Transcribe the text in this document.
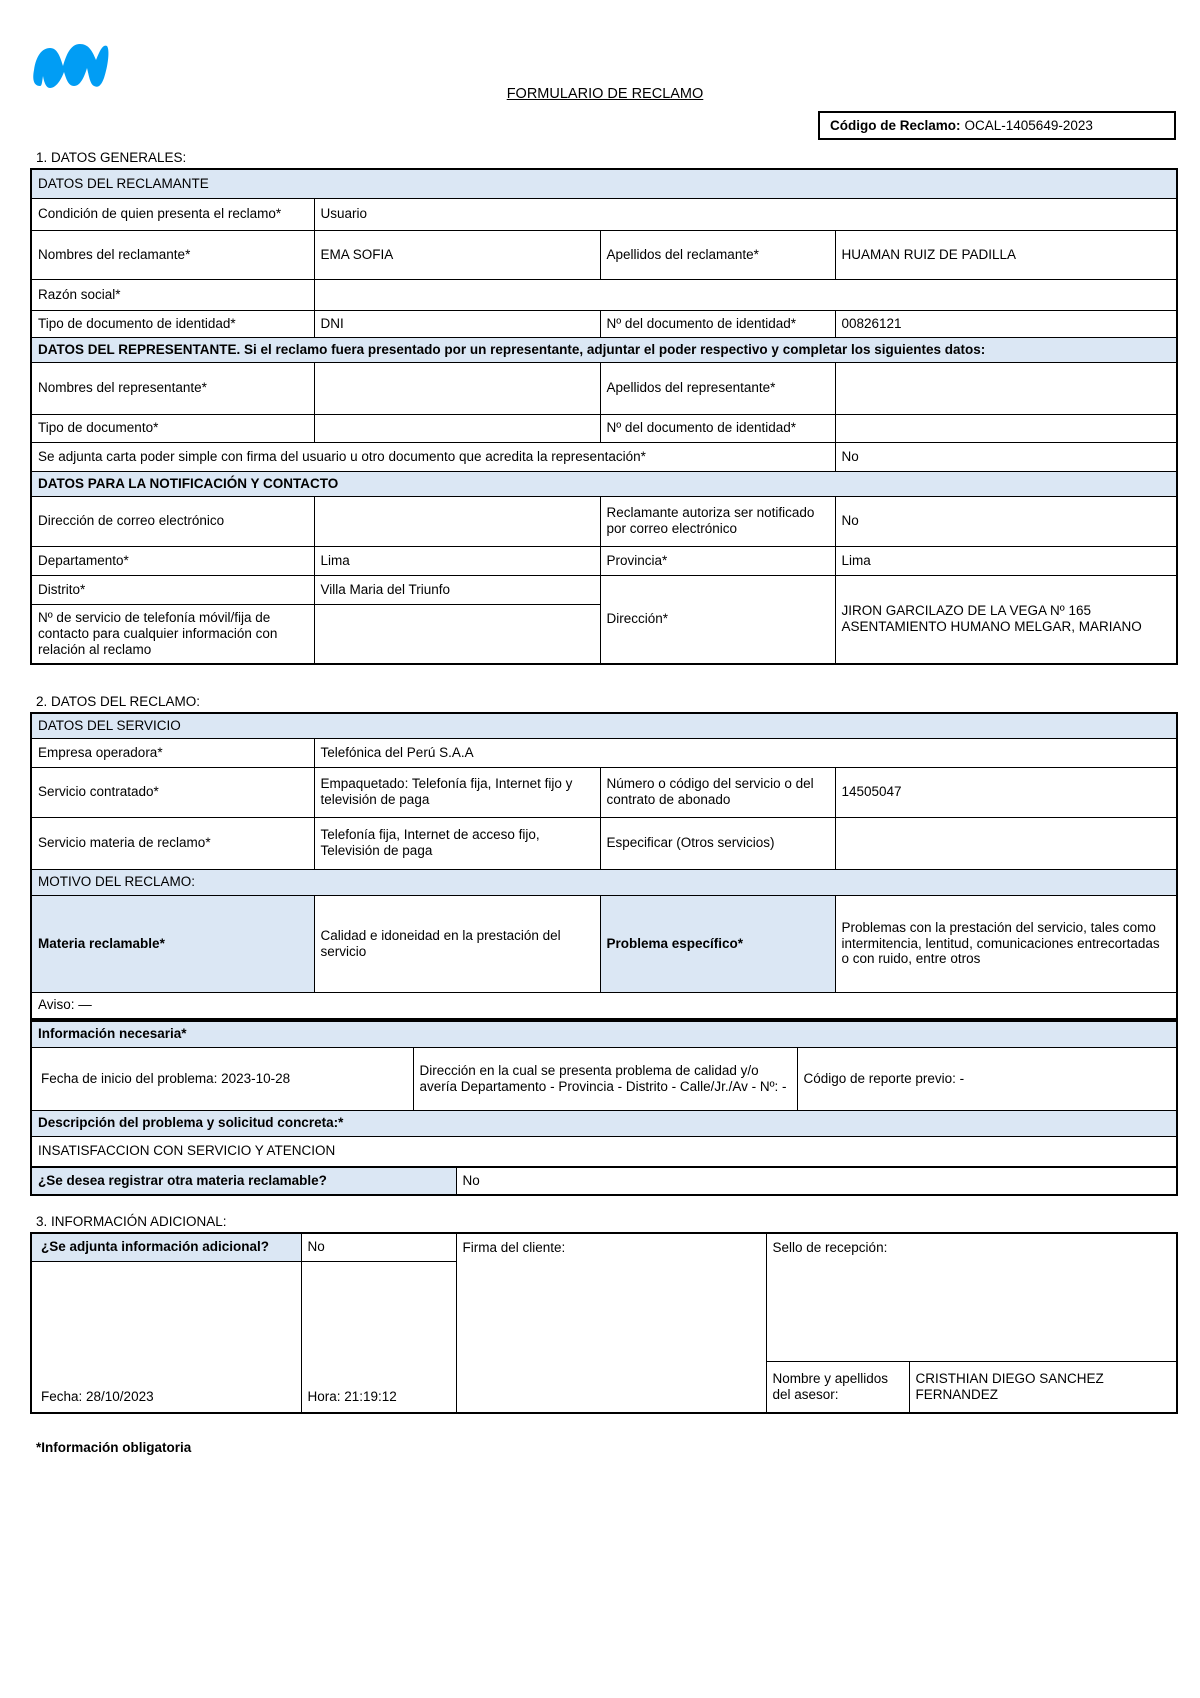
FORMULARIO DE RECLAMO
Código de Reclamo: OCAL-1405649-2023
1. DATOS GENERALES:
DATOS DEL RECLAMANTE			
Condición de quien presenta el reclamo*	Usuario		
Nombres del reclamante*	EMA SOFIA	Apellidos del reclamante*	HUAMAN RUIZ DE PADILLA
Razón social*			
Tipo de documento de identidad*	DNI	Nº del documento de identidad*	00826121
DATOS DEL REPRESENTANTE. Si el reclamo fuera presentado por un representante, adjuntar el poder respectivo y completar los siguientes datos:			
Nombres del representante*		Apellidos del representante*	
Tipo de documento*		Nº del documento de identidad*	
Se adjunta carta poder simple con firma del usuario u otro documento que acredita la representación*			No
DATOS PARA LA NOTIFICACIÓN Y CONTACTO			
Dirección de correo electrónico		Reclamante autoriza ser notificado por correo electrónico	No
Departamento*	Lima	Provincia*	Lima
Distrito*	Villa Maria del Triunfo	Dirección*	JIRON GARCILAZO DE LA VEGA Nº 165 ASENTAMIENTO HUMANO MELGAR, MARIANO
Nº de servicio de telefonía móvil/fija de contacto para cualquier información con relación al reclamo			
2. DATOS DEL RECLAMO:
DATOS DEL SERVICIO			
Empresa operadora*	Telefónica del Perú S.A.A		
Servicio contratado*	Empaquetado: Telefonía fija, Internet fijo y televisión de paga	Número o código del servicio o del contrato de abonado	14505047
Servicio materia de reclamo*	Telefonía fija, Internet de acceso fijo, Televisión de paga	Especificar (Otros servicios)	
MOTIVO DEL RECLAMO:			
Materia reclamable*	Calidad e idoneidad en la prestación del servicio	Problema específico*	Problemas con la prestación del servicio, tales como intermitencia, lentitud, comunicaciones entrecortadas o con ruido, entre otros
Aviso: —			
Información necesaria*
Fecha de inicio del problema: 2023-10-28	Dirección en la cual se presenta problema de calidad y/o avería Departamento - Provincia - Distrito - Calle/Jr./Av - Nº: -	Código de reporte previo: -
Descripción del problema y solicitud concreta:*
INSATISFACCION CON SERVICIO Y ATENCION
¿Se desea registrar otra materia reclamable?	No
3. INFORMACIÓN ADICIONAL:
¿Se adjunta información adicional?	No	Firma del cliente:	Sello de recepción:	
Fecha: 28/10/2023	Hora: 21:19:12			
			Nombre y apellidos del asesor:	CRISTHIAN DIEGO SANCHEZ FERNANDEZ
*Información obligatoria
